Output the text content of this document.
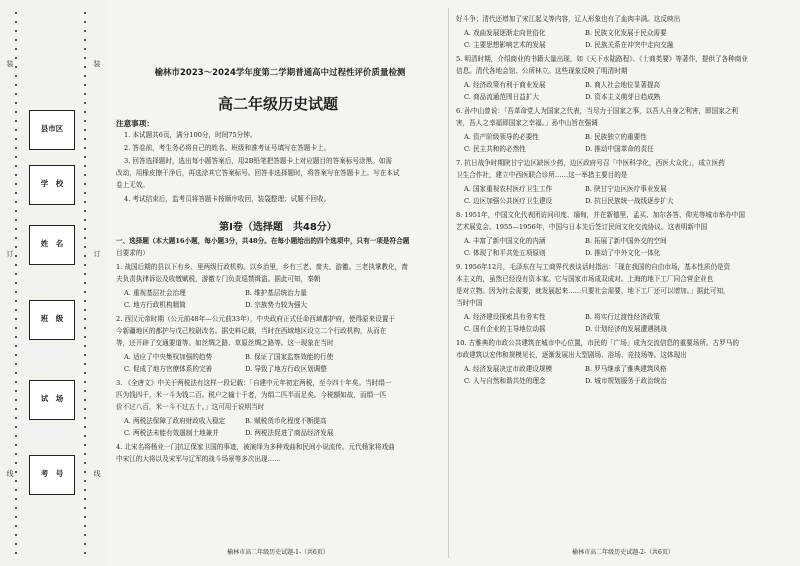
县市区
学　校
姓　名
班　级
试　场
考　号
装
订
线
装
订
线
榆林市2023～2024学年度第二学期普通高中过程性评价质量检测
高二年级历史试题
注意事项：
1. 本试题共6页，满分100分，时间75分钟。
2. 答卷前，考生务必将自己的姓名、班级和准考证号填写在答题卡上。
3. 回答选择题时，选出每小题答案后，用2B铅笔把答题卡上对应题目的答案标号涂黑。如需
改动，用橡皮擦干净后，再选涂其它答案标号。回答非选择题时，将答案写在答题卡上。写在本试
卷上无效。
4. 考试结束后，监考员将答题卡按顺序收回，装袋整理；试题不回收。
第Ⅰ卷（选择题　共48分）
一、选择题（本大题16小题，每小题3分，共48分。在每小题给出的四个选项中，只有一项是符合题
目要求的）
1. 战国后期的县以下有乡、里两级行政机构。以乡治里，乡有三老、啬夫、游徼。三老执掌教化，啬
夫负责执律诉讼及收缴赋税，游徼专门负责巡禁缉盗。据此可知，秦朝
A. 重视基层社会治理　　　　　　　　　B. 维护基层统治力量
C. 地方行政机构精简　　　　　　　　　D. 宗族势力较为强大
2. 西汉元帝时期（公元前48年—公元前33年），中央政府正式任命西域都护府，使得原来设置于
今新疆地区的都护与戊己校尉改名。据史料记载，当时在西域地区设立二个行政机构，从而在
等，还开辟了交通要道等。如丝绸之路、草原丝绸之路等。这一现象在当时
A. 适应了中央集权加强的趋势　　　　　B. 保证了国家监察效能的行使
C. 促成了地方官僚体系的完善　　　　　D. 导致了地方行政区划调整
3. 《全唐文》中关于两税法有这样一段记载：「自建中元年初定两税，至今四十年矣。当时绢一
匹为钱四千，米一斗为钱二百。税户之输十千者，为绢二匹半而足矣。今税额如故，而绢一匹
价不过八百，米一斗不过五十。」这可用于说明当时
A. 两税法保障了政府财政收入稳定　　　B. 赋税货币化程度不断提高
C. 两税法未能有效遏制土地兼并　　　　D. 两税法促进了商品经济发展
4. 北宋名将杨业一门抗辽保家卫国的事迹，被演绎为多种戏曲和民间小说流传。元代杨家将戏曲
中宋江的大将以及宋军与辽军的战斗场景等多次出现……
榆林市高二年级历史试题-1-（共6页）
好斗争；清代还增加了宋江起义等内容，辽人形象也有了血肉丰满。这反映出
A. 戏曲发展逐渐走向世俗化　　　　　　B. 民族文化发展于民众需要
C. 主要思想影响艺术的发展　　　　　　D. 民族关系在冲突中走向交融
5. 明清时期，介绍商业的书籍大量出现，如《天下水陆路程》、《士商类要》等著作，提供了各种商业
信息。清代各地会馆、公所林立。这些现象反映了明清时期
A. 经济政策有利于商业发展　　　　　　B. 商人社会地位显著提高
C. 商品流通范围日益扩大　　　　　　　D. 资本主义萌芽日趋成熟
6. 孙中山曾说：「吾革命党人为国家之代表，当尽力于国家之事，以吾人自身之利害，即国家之利
害，吾人之幸福即国家之幸福。」孙中山旨在强调
A. 资产阶级领导的必要性　　　　　　　B. 民族独立的重要性
C. 民主共和的必然性　　　　　　　　　D. 推动中国革命的责任
7. 抗日战争时期陕甘宁边区缺医少药，边区政府号召「中医科学化，西医大众化」，成立医药
卫生合作社，建立中西医联合诊所……这一举措主要目的是
A. 国家重视农村医疗卫生工作　　　　　B. 陕甘宁边区医疗事业发展
C. 边区加强公共医疗卫生建设　　　　　D. 抗日民族统一战线逐步扩大
8. 1951年，中国文化代表团访问印度、缅甸，并在新德里、孟买、加尔各答、仰光等城市举办中国
艺术展览会。1955—1956年，中国与日本先后签订民间文化交流协议。这表明新中国
A. 丰富了新中国文化的内涵　　　　　　B. 拓展了新中国外交的空间
C. 体现了和平共处五项原则　　　　　　D. 推动了中外文化一体化
9. 1956年12月，毛泽东在与工商界代表谈话时指出：「现在我国的自由市场，基本性质仍是资
本主义的，虽然已经没有资本家。它与国家市场成双成对。上海的地下工厂同合营企业也
是对立物。因为社会需要，就发展起来……只要社会需要，地下工厂还可以增加。」据此可知，
当时中国
A. 经济建设探索具有务实性　　　　　　B. 将实行过渡性经济政策
C. 国有企业的主导地位动摇　　　　　　D. 计划经济的发展遭遇挑战
10. 古雅典的市政公共建筑在城市中心位置，市民的「广场」成为交流信息的重要场所。古罗马的
市政建筑以宏伟和规模见长，逐渐发展出大型剧场、浴场、竞技场等。这体现出
A. 经济发展决定市政建设规模　　　　　B. 罗马继承了雅典建筑风格
C. 人与自然和谐共处的理念　　　　　　D. 城市规划服务于政治统治
榆林市高二年级历史试题-2-（共6页）
